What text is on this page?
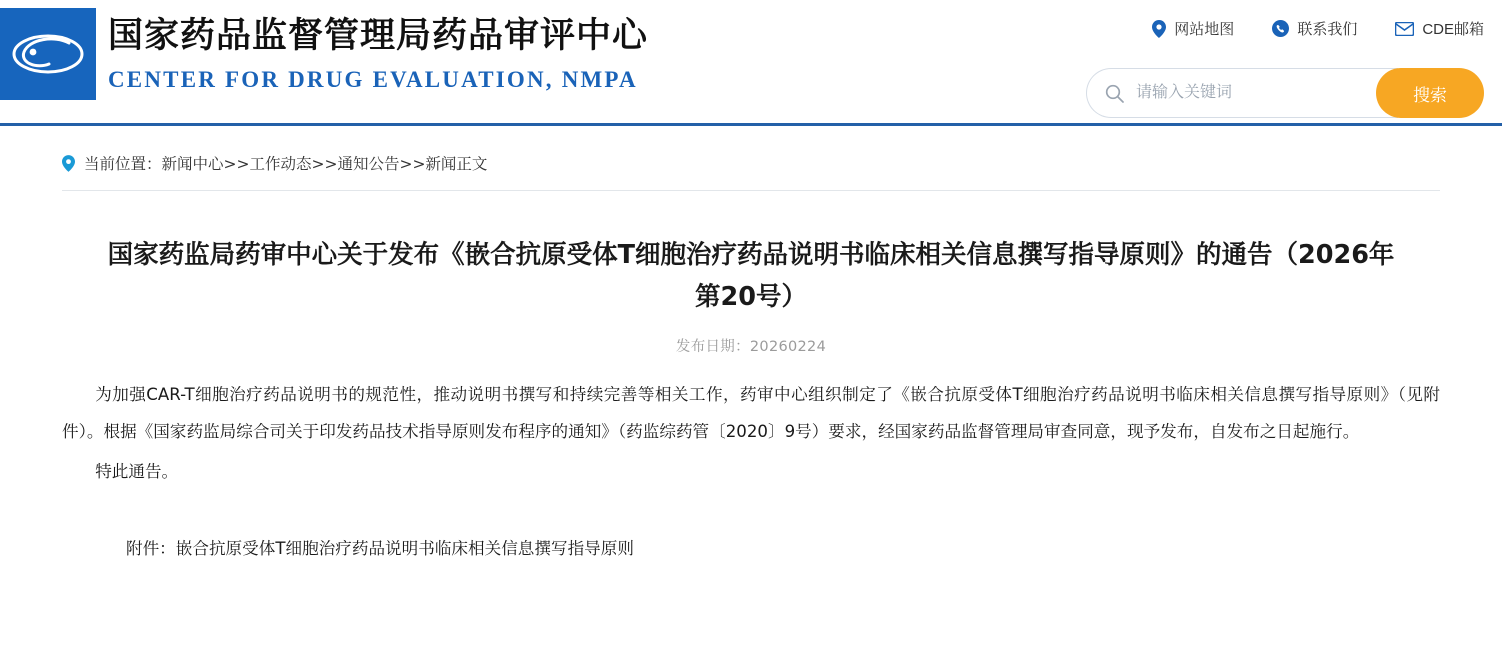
国家药品监督管理局药品审评中心
CENTER FOR DRUG EVALUATION, NMPA
网站地图	联系我们	CDE邮箱
请输入关键词
搜索
当前位置：新闻中心>>工作动态>>通知公告>>新闻正文
国家药监局药审中心关于发布《嵌合抗原受体T细胞治疗药品说明书临床相关信息撰写指导原则》的通告（2026年第20号）
发布日期：20260224

为加强CAR-T细胞治疗药品说明书的规范性，推动说明书撰写和持续完善等相关工作，药审中心组织制定了《嵌合抗原受体T细胞治疗药品说明书临床相关信息撰写指导原则》（见附件）。根据《国家药监局综合司关于印发药品技术指导原则发布程序的通知》（药监综药管〔2020〕9号）要求，经国家药品监督管理局审查同意，现予发布，自发布之日起施行。

特此通告。

附件：嵌合抗原受体T细胞治疗药品说明书临床相关信息撰写指导原则
